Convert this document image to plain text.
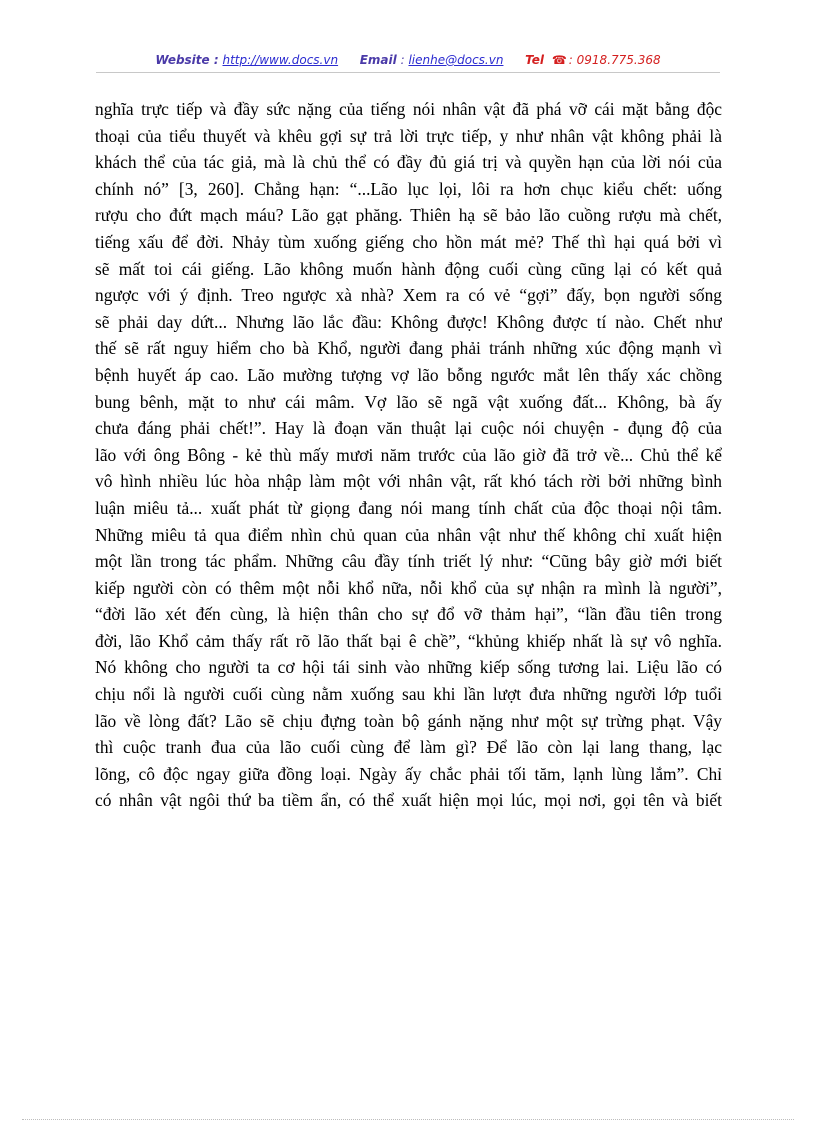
Website : http://www.docs.vn Email : lienhe@docs.vn Tel ☎ : 0918.775.368
nghĩa trực tiếp và đầy sức nặng của tiếng nói nhân vật đã phá vỡ cái mặt bằng độc
thoại của tiểu thuyết và khêu gợi sự trả lời trực tiếp, y như nhân vật không phải là
khách thể của tác giả, mà là chủ thể có đầy đủ giá trị và quyền hạn của lời nói của
chính nó” [3, 260]. Chẳng hạn: “...Lão lục lọi, lôi ra hơn chục kiểu chết: uống
rượu cho đứt mạch máu? Lão gạt phăng. Thiên hạ sẽ bảo lão cuồng rượu mà chết,
tiếng xấu để đời. Nhảy tùm xuống giếng cho hồn mát mẻ? Thế thì hại quá bởi vì
sẽ mất toi cái giếng. Lão không muốn hành động cuối cùng cũng lại có kết quả
ngược với ý định. Treo ngược xà nhà? Xem ra có vẻ “gợi” đấy, bọn người sống
sẽ phải day dứt... Nhưng lão lắc đầu: Không được! Không được tí nào. Chết như
thế sẽ rất nguy hiểm cho bà Khổ, người đang phải tránh những xúc động mạnh vì
bệnh huyết áp cao. Lão mường tượng vợ lão bỗng ngước mắt lên thấy xác chồng
bung bênh, mặt to như cái mâm. Vợ lão sẽ ngã vật xuống đất... Không, bà ấy
chưa đáng phải chết!”. Hay là đoạn văn thuật lại cuộc nói chuyện - đụng độ của
lão với ông Bông - kẻ thù mấy mươi năm trước của lão giờ đã trở về... Chủ thể kể
vô hình nhiều lúc hòa nhập làm một với nhân vật, rất khó tách rời bởi những bình
luận miêu tả... xuất phát từ giọng đang nói mang tính chất của độc thoại nội tâm.
Những miêu tả qua điểm nhìn chủ quan của nhân vật như thế không chỉ xuất hiện
một lần trong tác phẩm. Những câu đầy tính triết lý như: “Cũng bây giờ mới biết
kiếp người còn có thêm một nỗi khổ nữa, nỗi khổ của sự nhận ra mình là người”,
“đời lão xét đến cùng, là hiện thân cho sự đổ vỡ thảm hại”, “lần đầu tiên trong
đời, lão Khổ cảm thấy rất rõ lão thất bại ê chề”, “khủng khiếp nhất là sự vô nghĩa.
Nó không cho người ta cơ hội tái sinh vào những kiếp sống tương lai. Liệu lão có
chịu nổi là người cuối cùng nằm xuống sau khi lần lượt đưa những người lớp tuổi
lão về lòng đất? Lão sẽ chịu đựng toàn bộ gánh nặng như một sự trừng phạt. Vậy
thì cuộc tranh đua của lão cuối cùng để làm gì? Để lão còn lại lang thang, lạc
lõng, cô độc ngay giữa đồng loại. Ngày ấy chắc phải tối tăm, lạnh lùng lắm”. Chỉ
có nhân vật ngôi thứ ba tiềm ẩn, có thể xuất hiện mọi lúc, mọi nơi, gọi tên và biết
